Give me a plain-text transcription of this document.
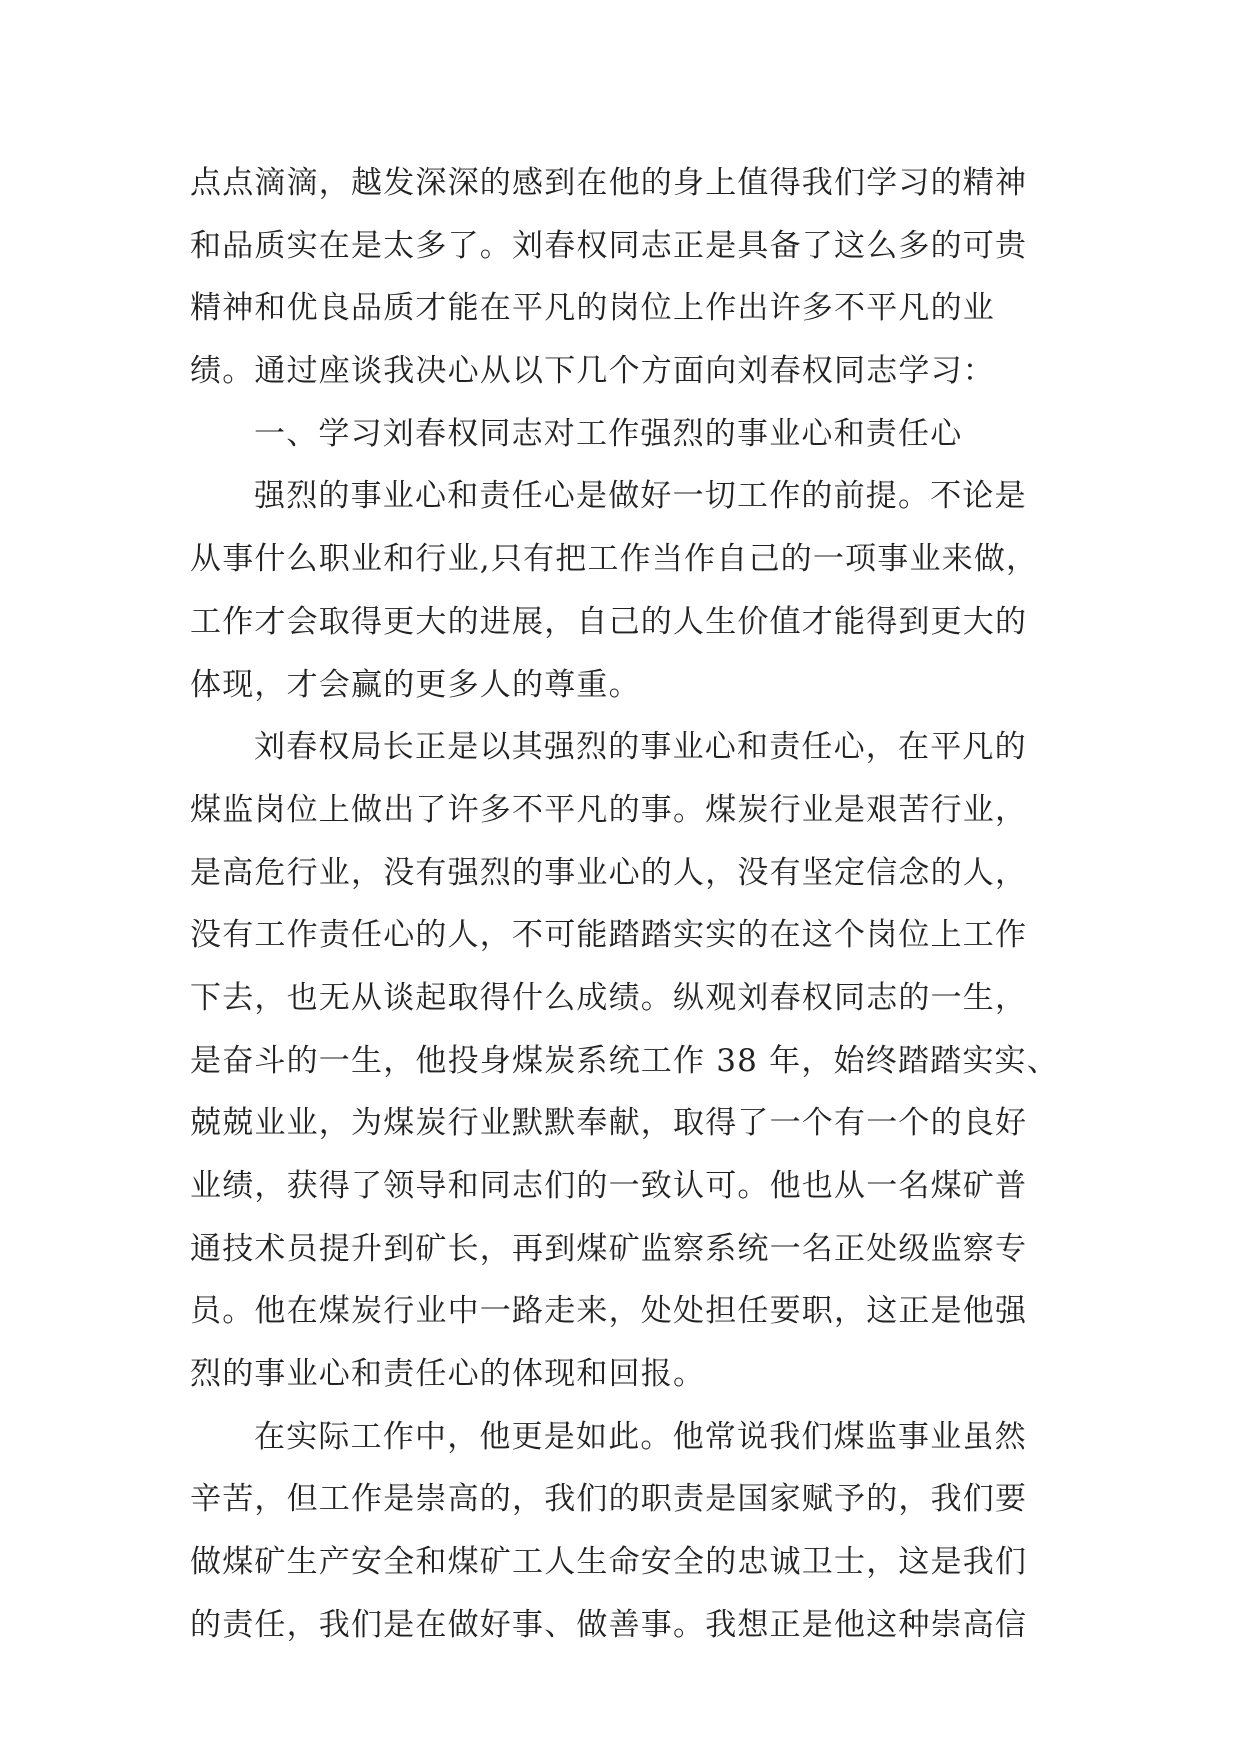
点点滴滴，越发深深的感到在他的身上值得我们学习的精神
和品质实在是太多了。刘春权同志正是具备了这么多的可贵
精神和优良品质才能在平凡的岗位上作出许多不平凡的业
绩。通过座谈我决心从以下几个方面向刘春权同志学习：
一、学习刘春权同志对工作强烈的事业心和责任心
强烈的事业心和责任心是做好一切工作的前提。不论是
从事什么职业和行业,只有把工作当作自己的一项事业来做，
工作才会取得更大的进展，自己的人生价值才能得到更大的
体现，才会赢的更多人的尊重。
刘春权局长正是以其强烈的事业心和责任心，在平凡的
煤监岗位上做出了许多不平凡的事。煤炭行业是艰苦行业，
是高危行业，没有强烈的事业心的人，没有坚定信念的人，
没有工作责任心的人，不可能踏踏实实的在这个岗位上工作
下去，也无从谈起取得什么成绩。纵观刘春权同志的一生，
是奋斗的一生，他投身煤炭系统工作 38 年，始终踏踏实实、
兢兢业业，为煤炭行业默默奉献，取得了一个有一个的良好
业绩，获得了领导和同志们的一致认可。他也从一名煤矿普
通技术员提升到矿长，再到煤矿监察系统一名正处级监察专
员。他在煤炭行业中一路走来，处处担任要职，这正是他强
烈的事业心和责任心的体现和回报。
在实际工作中，他更是如此。他常说我们煤监事业虽然
辛苦，但工作是崇高的，我们的职责是国家赋予的，我们要
做煤矿生产安全和煤矿工人生命安全的忠诚卫士，这是我们
的责任，我们是在做好事、做善事。我想正是他这种崇高信
